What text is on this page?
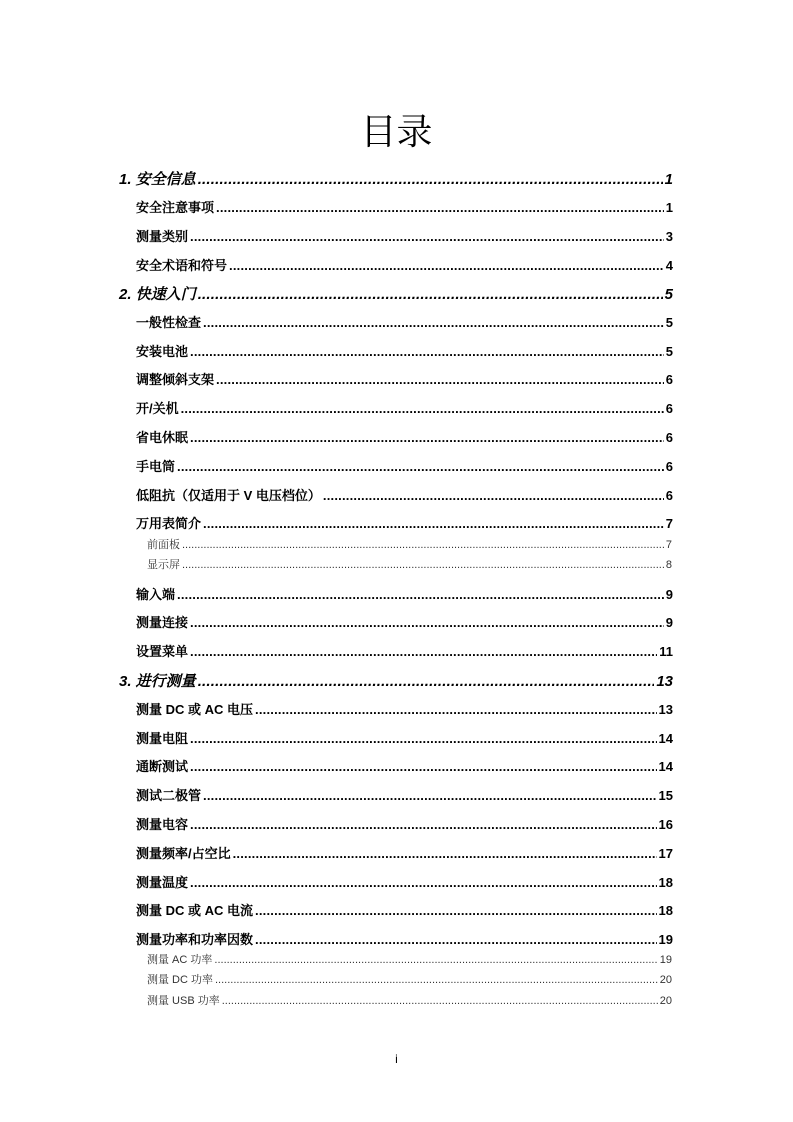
目录
1. 安全信息 .....	1
安全注意事项 .....	1
测量类别 .....	3
安全术语和符号 .....	4
2. 快速入门 .....	5
一般性检查 .....	5
安装电池 .....	5
调整倾斜支架 .....	6
开/关机 .....	6
省电休眠 .....	6
手电筒 .....	6
低阻抗（仅适用于 V 电压档位） .....	6
万用表简介 .....	7
前面板 .....	7
显示屏 .....	8
输入端 .....	9
测量连接 .....	9
设置菜单 .....	11
3. 进行测量 .....	13
测量 DC 或 AC 电压 .....	13
测量电阻 .....	14
通断测试 .....	14
测试二极管 .....	15
测量电容 .....	16
测量频率/占空比 .....	17
测量温度 .....	18
测量 DC 或 AC 电流 .....	18
测量功率和功率因数 .....	19
测量 AC 功率 .....	19
测量 DC 功率 .....	20
测量 USB 功率 .....	20
i
